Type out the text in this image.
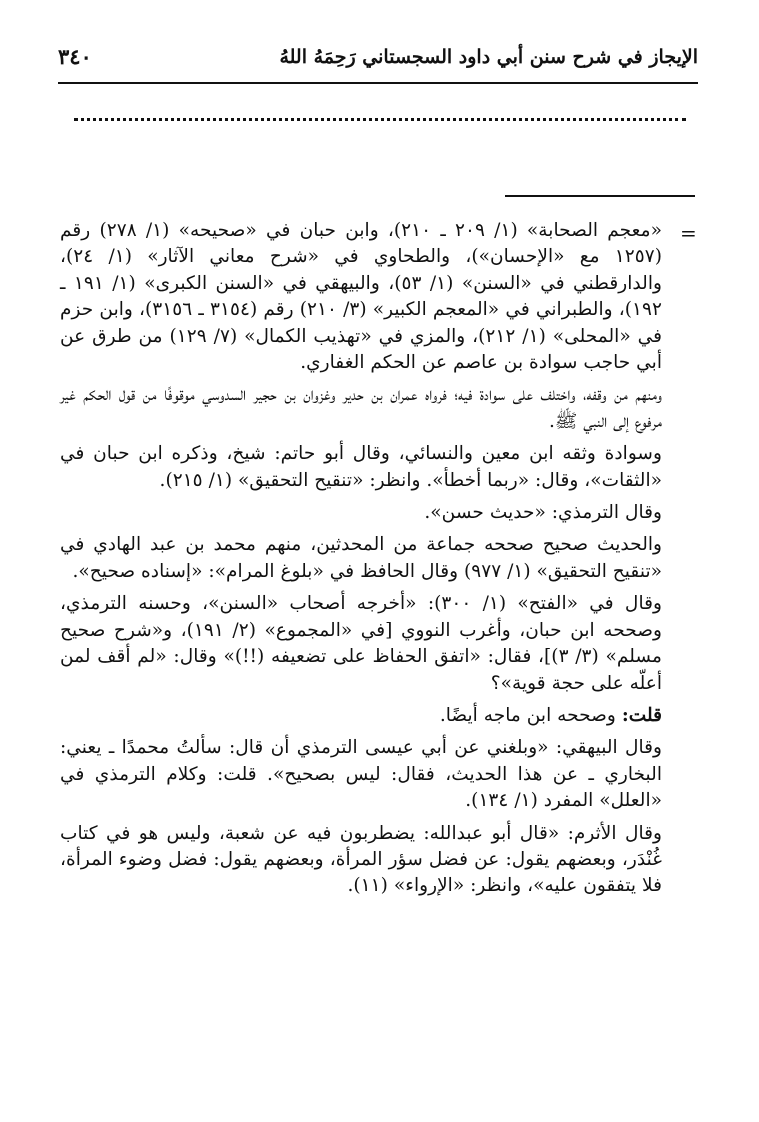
٣٤٠	الإيجاز في شرح سنن أبي داود السجستاني رَحِمَهُ اللهُ
=

«معجم الصحابة» (١/ ٢٠٩ ـ ٢١٠)، وابن حبان في «صحيحه» (١/ ٢٧٨) رقم (١٢٥٧ مع «الإحسان»)، والطحاوي في «شرح معاني الآثار» (١/ ٢٤)، والدارقطني في «السنن» (١/ ٥٣)، والبيهقي في «السنن الكبرى» (١/ ١٩١ ـ ١٩٢)، والطبراني في «المعجم الكبير» (٣/ ٢١٠) رقم (٣١٥٤ ـ ٣١٥٦)، وابن حزم في «المحلى» (١/ ٢١٢)، والمزي في «تهذيب الكمال» (٧/ ١٢٩) من طرق عن أبي حاجب سوادة بن عاصم عن الحكم الغفاري.

ومنهم من وقفه، واختلف على سوادة فيه؛ فرواه عمران بن حدير وغزوان بن حجير السدوسي موقوفًا من قول الحكم غير مرفوع إلى النبي ﷺ.

وسوادة وثقه ابن معين والنسائي، وقال أبو حاتم: شيخ، وذكره ابن حبان في «الثقات»، وقال: «ربما أخطأ». وانظر: «تنقيح التحقيق» (١/ ٢١٥).

وقال الترمذي: «حديث حسن».

والحديث صحيح صححه جماعة من المحدثين، منهم محمد بن عبد الهادي في «تنقيح التحقيق» (١/ ٩٧٧) وقال الحافظ في «بلوغ المرام»: «إسناده صحيح».

وقال في «الفتح» (١/ ٣٠٠): «أخرجه أصحاب «السنن»، وحسنه الترمذي، وصححه ابن حبان، وأغرب النووي [في «المجموع» (٢/ ١٩١)، و«شرح صحيح مسلم» (٣/ ٣)]، فقال: «اتفق الحفاظ على تضعيفه (!!)» وقال: «لم أقف لمن أعلّه على حجة قوية»؟

قلت: وصححه ابن ماجه أيضًا.

وقال البيهقي: «وبلغني عن أبي عيسى الترمذي أن قال: سألتُ محمدًا ـ يعني: البخاري ـ عن هذا الحديث، فقال: ليس بصحيح». قلت: وكلام الترمذي في «العلل» المفرد (١/ ١٣٤).

وقال الأثرم: «قال أبو عبدالله: يضطربون فيه عن شعبة، وليس هو في كتاب غُنْدَر، وبعضهم يقول: عن فضل سؤر المرأة، وبعضهم يقول: فضل وضوء المرأة، فلا يتفقون عليه»، وانظر: «الإرواء» (١١).
